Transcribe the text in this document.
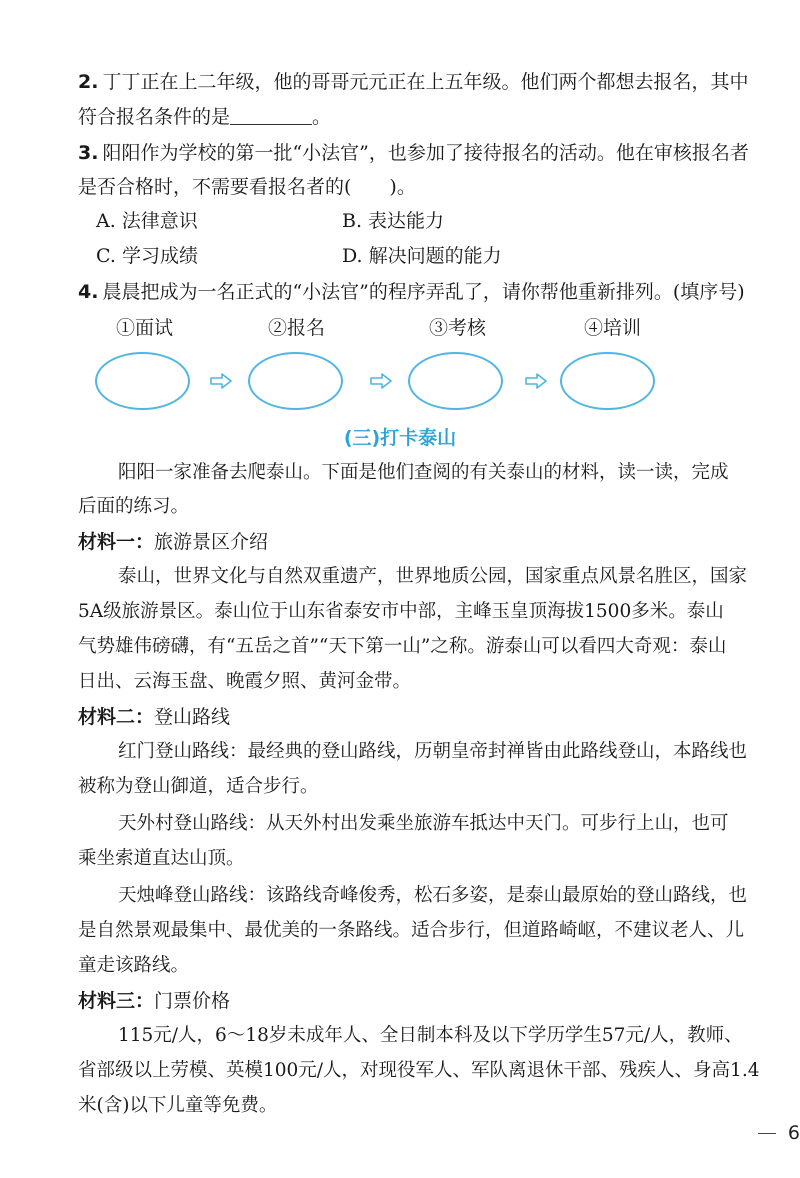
2. 丁丁正在上二年级，他的哥哥元元正在上五年级。他们两个都想去报名，其中
符合报名条件的是	。
3. 阳阳作为学校的第一批“小法官”，也参加了接待报名的活动。他在审核报名者
是否合格时，不需要看报名者的(　　)。
A. 法律意识	B. 表达能力
C. 学习成绩	D. 解决问题的能力
4. 晨晨把成为一名正式的“小法官”的程序弄乱了，请你帮他重新排列。(填序号)
①面试	②报名	③考核	④培训
(三)打卡泰山
阳阳一家准备去爬泰山。下面是他们查阅的有关泰山的材料，读一读，完成
后面的练习。
材料一：旅游景区介绍
泰山，世界文化与自然双重遗产，世界地质公园，国家重点风景名胜区，国家
5A级旅游景区。泰山位于山东省泰安市中部，主峰玉皇顶海拔1500多米。泰山
气势雄伟磅礴，有“五岳之首”“天下第一山”之称。游泰山可以看四大奇观：泰山
日出、云海玉盘、晚霞夕照、黄河金带。
材料二：登山路线
红门登山路线：最经典的登山路线，历朝皇帝封禅皆由此路线登山，本路线也
被称为登山御道，适合步行。
天外村登山路线：从天外村出发乘坐旅游车抵达中天门。可步行上山，也可
乘坐索道直达山顶。
天烛峰登山路线：该路线奇峰俊秀，松石多姿，是泰山最原始的登山路线，也
是自然景观最集中、最优美的一条路线。适合步行，但道路崎岖，不建议老人、儿
童走该路线。
材料三：门票价格
115元/人，6～18岁未成年人、全日制本科及以下学历学生57元/人，教师、
省部级以上劳模、英模100元/人，对现役军人、军队离退休干部、残疾人、身高1.4
米(含)以下儿童等免费。
6
